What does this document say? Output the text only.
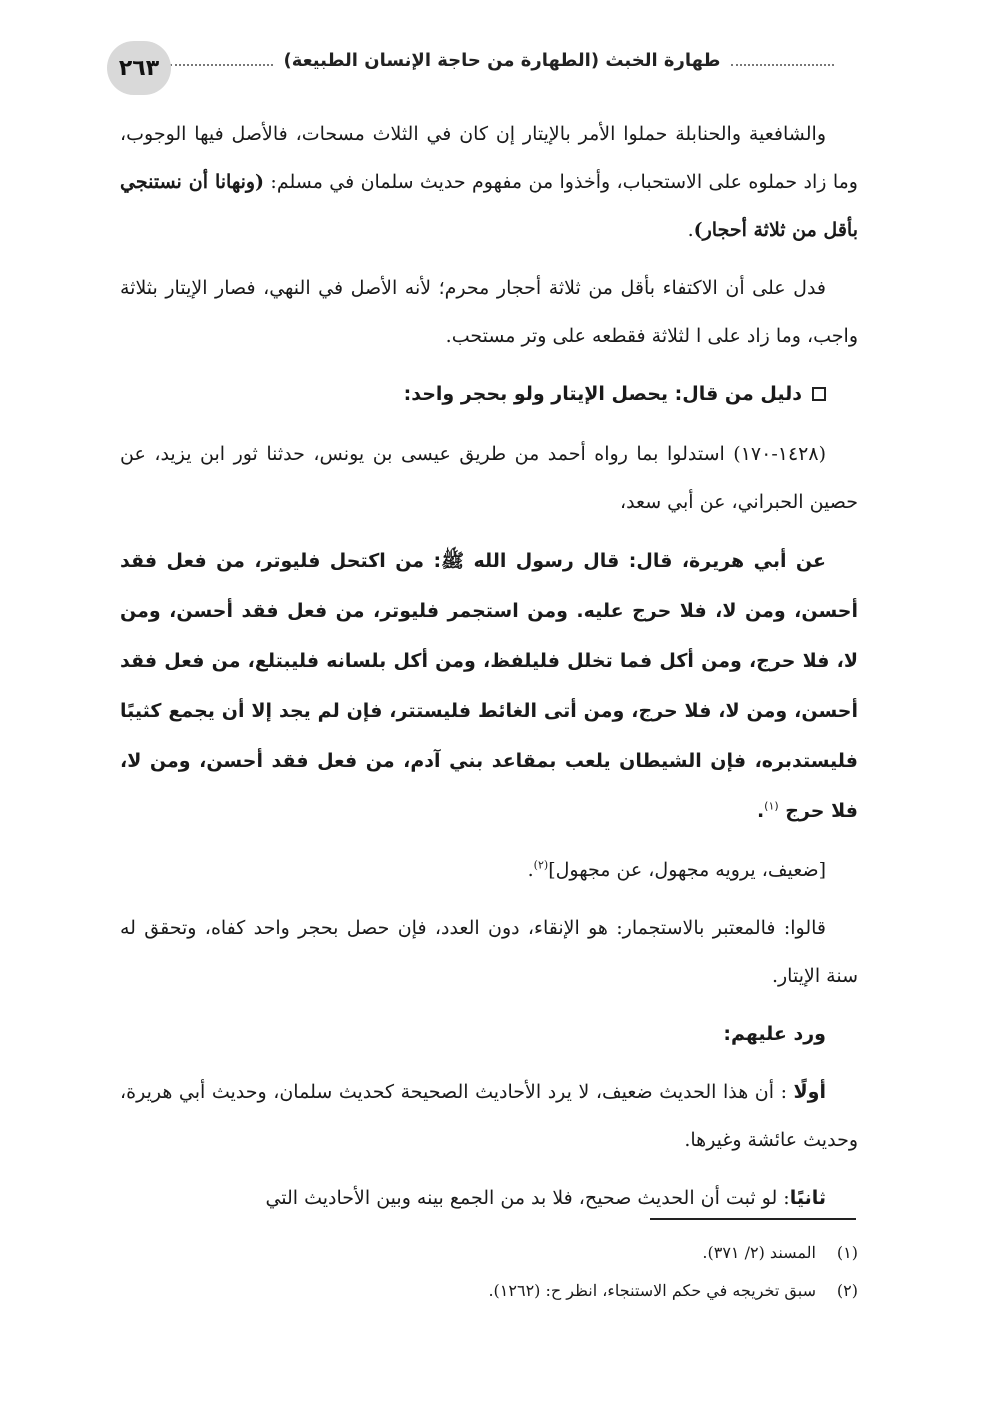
طهارة الخبث (الطهارة من حاجة الإنسان الطبيعة)
٢٦٣

والشافعية والحنابلة حملوا الأمر بالإيتار إن كان في الثلاث مسحات، فالأصل فيها الوجوب، وما زاد حملوه على الاستحباب، وأخذوا من مفهوم حديث سلمان في مسلم: (ونهانا أن نستنجي بأقل من ثلاثة أحجار).

فدل على أن الاكتفاء بأقل من ثلاثة أحجار محرم؛ لأنه الأصل في النهي، فصار الإيتار بثلاثة واجب، وما زاد على ا لثلاثة فقطعه على وتر مستحب.

دليل من قال: يحصل الإيتار ولو بحجر واحد:

(١٤٢٨-١٧٠) استدلوا بما رواه أحمد من طريق عيسى بن يونس، حدثنا ثور ابن يزيد، عن حصين الحبراني، عن أبي سعد،

عن أبي هريرة، قال: قال رسول الله ﷺ: من اكتحل فليوتر، من فعل فقد أحسن، ومن لا، فلا حرج عليه. ومن استجمر فليوتر، من فعل فقد أحسن، ومن لا، فلا حرج، ومن أكل فما تخلل فليلفظ، ومن أكل بلسانه فليبتلع، من فعل فقد أحسن، ومن لا، فلا حرج، ومن أتى الغائط فليستتر، فإن لم يجد إلا أن يجمع كثيبًا فليستدبره، فإن الشيطان يلعب بمقاعد بني آدم، من فعل فقد أحسن، ومن لا، فلا حرج $^{(١)}$.

[ضعيف، يرويه مجهول، عن مجهول]$^{(٢)}$.

قالوا: فالمعتبر بالاستجمار: هو الإنقاء، دون العدد، فإن حصل بحجر واحد كفاه، وتحقق له سنة الإيتار.

ورد عليهم:

أولًا : أن هذا الحديث ضعيف، لا يرد الأحاديث الصحيحة كحديث سلمان، وحديث أبي هريرة، وحديث عائشة وغيرها.

ثانيًا: لو ثبت أن الحديث صحيح، فلا بد من الجمع بينه وبين الأحاديث التي

(١)
المسند (٢/ ٣٧١).
(٢)
سبق تخريجه في حكم الاستنجاء، انظر ح: (١٢٦٢).
